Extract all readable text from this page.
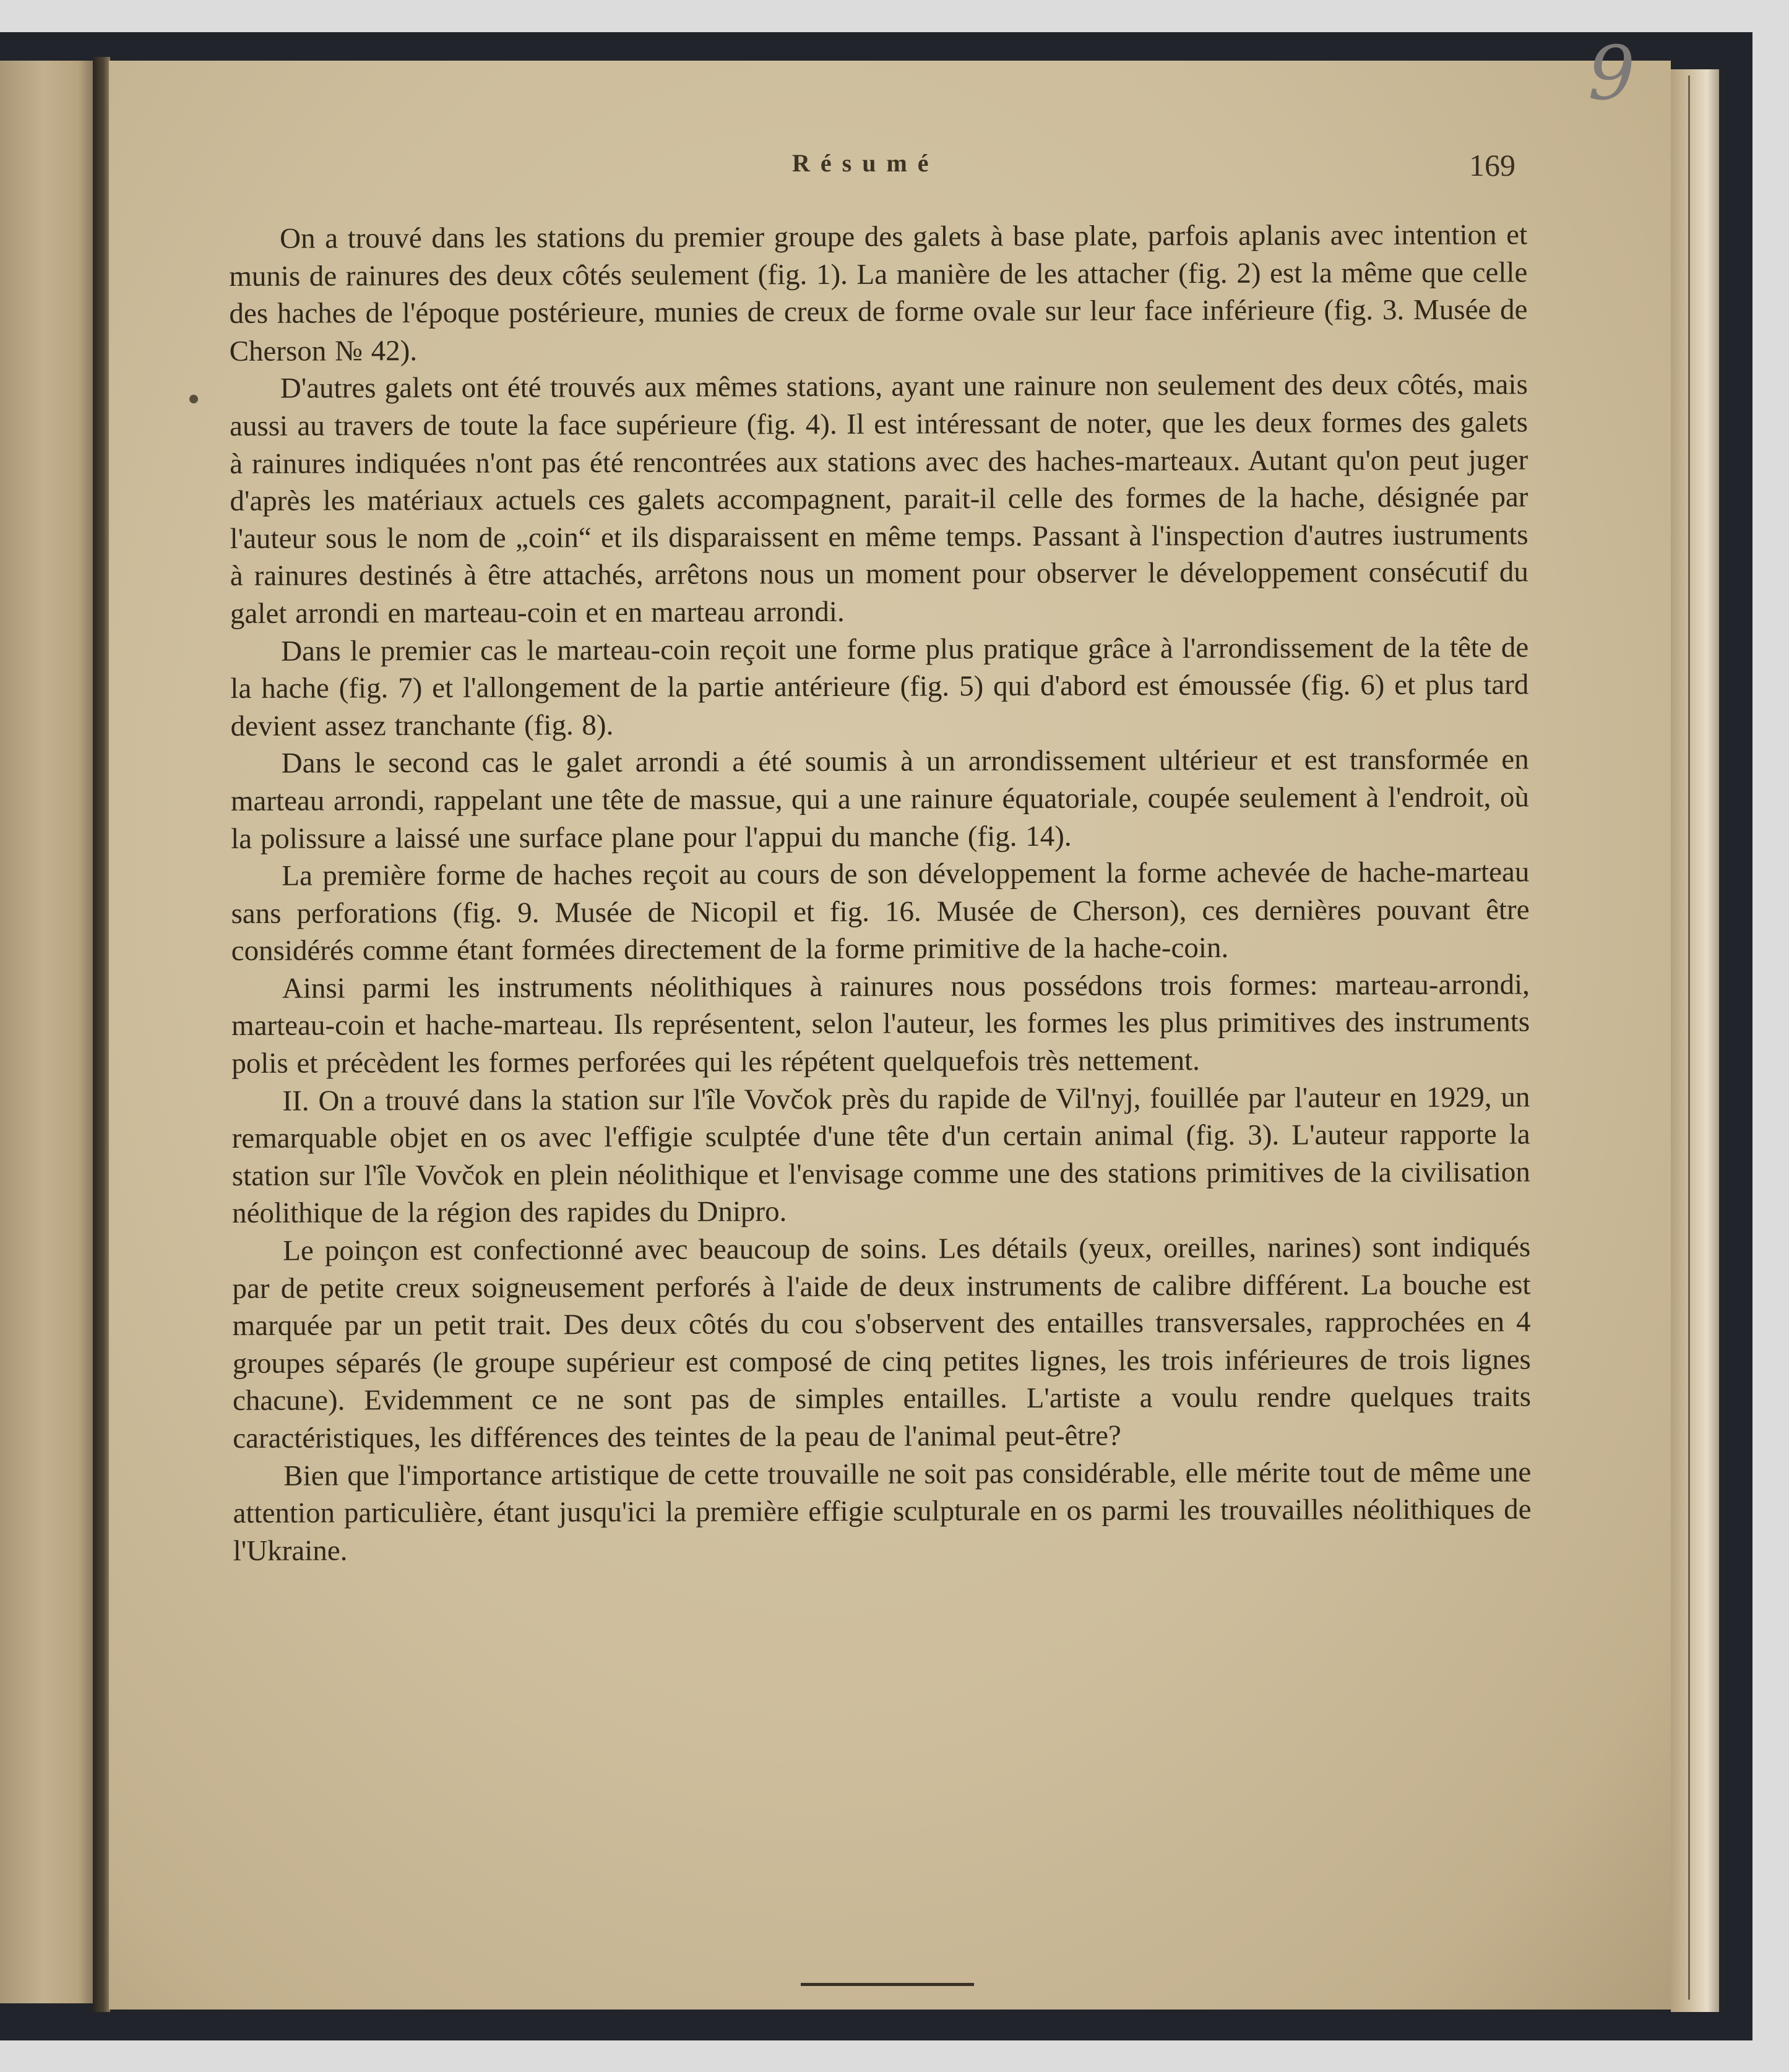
9
Résumé	169

On a trouvé dans les stations du premier groupe des galets à base plate, parfois aplanis avec intention et munis de rainures des deux côtés seulement (fig. 1). La manière de les attacher (fig. 2) est la même que celle des haches de l'époque postérieure, munies de creux de forme ovale sur leur face inférieure (fig. 3. Musée de Cherson № 42).

D'autres galets ont été trouvés aux mêmes stations, ayant une rainure non seulement des deux côtés, mais aussi au travers de toute la face supérieure (fig. 4). Il est intéressant de noter, que les deux formes des galets à rainures indiquées n'ont pas été rencontrées aux stations avec des haches-marteaux. Autant qu'on peut juger d'après les matériaux actuels ces galets accompagnent, parait-il celle des formes de la hache, désignée par l'auteur sous le nom de „coin“ et ils disparaissent en même temps. Passant à l'inspection d'autres iustruments à rainures destinés à être attachés, arrêtons nous un moment pour observer le développement consécutif du galet arrondi en marteau-coin et en marteau arrondi.

Dans le premier cas le marteau-coin reçoit une forme plus pratique grâce à l'arrondissement de la tête de la hache (fig. 7) et l'allongement de la partie antérieure (fig. 5) qui d'abord est émoussée (fig. 6) et plus tard devient assez tranchante (fig. 8).

Dans le second cas le galet arrondi a été soumis à un arrondissement ultérieur et est transformée en marteau arrondi, rappelant une tête de massue, qui a une rainure équatoriale, coupée seulement à l'endroit, où la polissure a laissé une surface plane pour l'appui du manche (fig. 14).

La première forme de haches reçoit au cours de son développement la forme achevée de hache-marteau sans perforations (fig. 9. Musée de Nicopil et fig. 16. Musée de Cherson), ces dernières pouvant être considérés comme étant formées directement de la forme primitive de la hache-coin.

Ainsi parmi les instruments néolithiques à rainures nous possédons trois formes: marteau-arrondi, marteau-coin et hache-marteau. Ils représentent, selon l'auteur, les formes les plus primitives des instruments polis et précèdent les formes perforées qui les répétent quelquefois très nettement.

II. On a trouvé dans la station sur l'île Vovčok près du rapide de Vil'nyj, fouillée par l'auteur en 1929, un remarquable objet en os avec l'effigie sculptée d'une tête d'un certain animal (fig. 3). L'auteur rapporte la station sur l'île Vovčok en plein néolithique et l'envisage comme une des stations primitives de la civilisation néolithique de la région des rapides du Dnipro.

Le poinçon est confectionné avec beaucoup de soins. Les détails (yeux, oreilles, narines) sont indiqués par de petite creux soigneusement perforés à l'aide de deux instruments de calibre différent. La bouche est marquée par un petit trait. Des deux côtés du cou s'observent des entailles transversales, rapprochées en 4 groupes séparés (le groupe supérieur est composé de cinq petites lignes, les trois inférieures de trois lignes chacune). Evidemment ce ne sont pas de simples entailles. L'artiste a voulu rendre quelques traits caractéristiques, les différences des teintes de la peau de l'animal peut-être?

Bien que l'importance artistique de cette trouvaille ne soit pas considérable, elle mérite tout de même une attention particulière, étant jusqu'ici la première effigie sculpturale en os parmi les trouvailles néolithiques de l'Ukraine.
